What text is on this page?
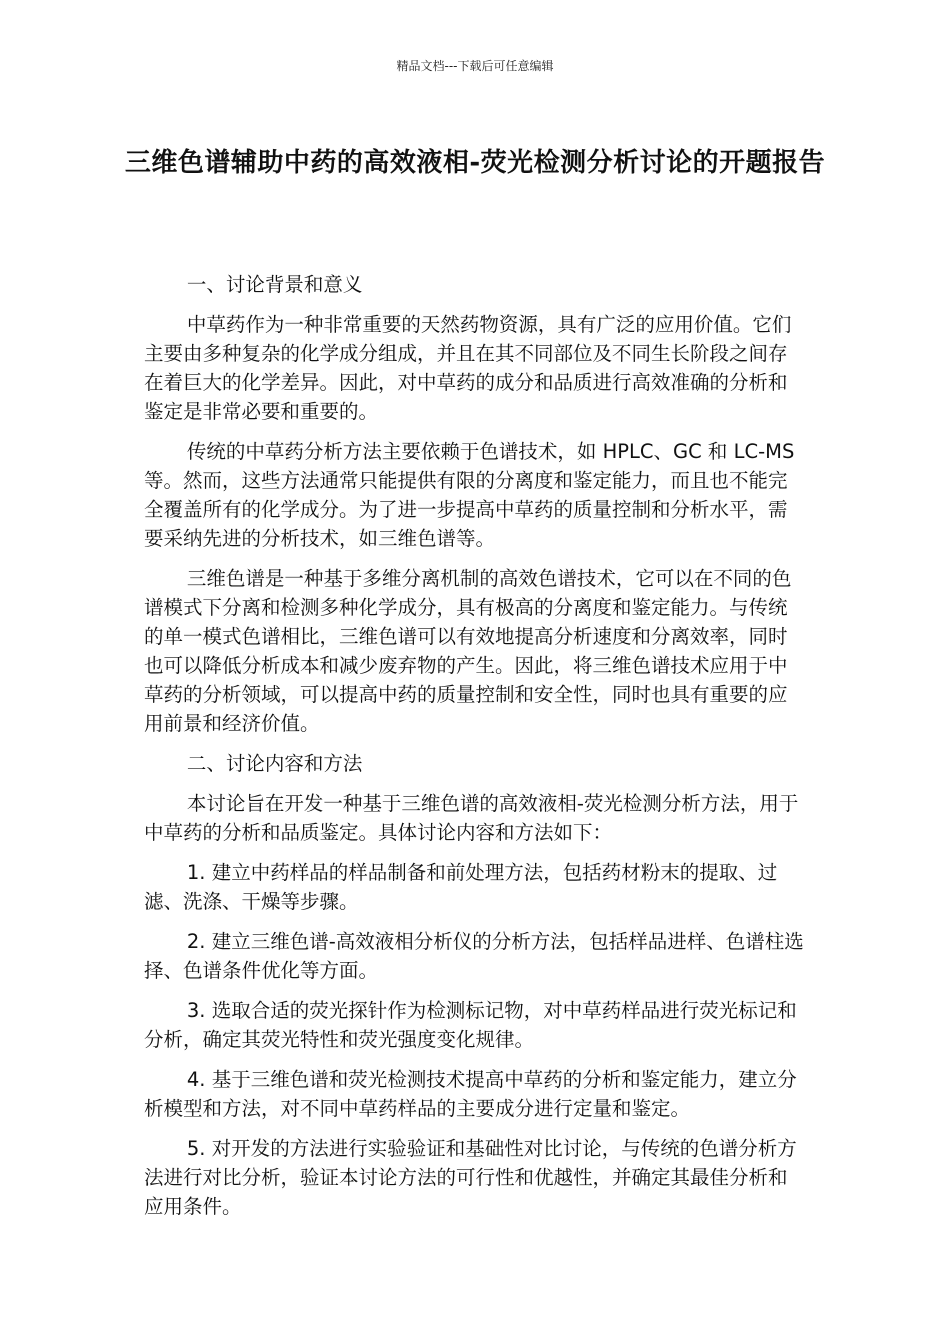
精品文档---下载后可任意编辑
三维色谱辅助中药的高效液相-荧光检测分析讨论的开题报告
一、讨论背景和意义

中草药作为一种非常重要的天然药物资源，具有广泛的应用价值。它们主要由多种复杂的化学成分组成，并且在其不同部位及不同生长阶段之间存在着巨大的化学差异。因此，对中草药的成分和品质进行高效准确的分析和鉴定是非常必要和重要的。

传统的中草药分析方法主要依赖于色谱技术，如 HPLC、GC 和 LC-MS 等。然而，这些方法通常只能提供有限的分离度和鉴定能力，而且也不能完全覆盖所有的化学成分。为了进一步提高中草药的质量控制和分析水平，需要采纳先进的分析技术，如三维色谱等。

三维色谱是一种基于多维分离机制的高效色谱技术，它可以在不同的色谱模式下分离和检测多种化学成分，具有极高的分离度和鉴定能力。与传统的单一模式色谱相比，三维色谱可以有效地提高分析速度和分离效率，同时也可以降低分析成本和减少废弃物的产生。因此，将三维色谱技术应用于中草药的分析领域，可以提高中药的质量控制和安全性，同时也具有重要的应用前景和经济价值。

二、讨论内容和方法

本讨论旨在开发一种基于三维色谱的高效液相-荧光检测分析方法，用于中草药的分析和品质鉴定。具体讨论内容和方法如下：

1. 建立中药样品的样品制备和前处理方法，包括药材粉末的提取、过滤、洗涤、干燥等步骤。

2. 建立三维色谱-高效液相分析仪的分析方法，包括样品进样、色谱柱选择、色谱条件优化等方面。

3. 选取合适的荧光探针作为检测标记物，对中草药样品进行荧光标记和分析，确定其荧光特性和荧光强度变化规律。

4. 基于三维色谱和荧光检测技术提高中草药的分析和鉴定能力，建立分析模型和方法，对不同中草药样品的主要成分进行定量和鉴定。

5. 对开发的方法进行实验验证和基础性对比讨论，与传统的色谱分析方法进行对比分析，验证本讨论方法的可行性和优越性，并确定其最佳分析和应用条件。
